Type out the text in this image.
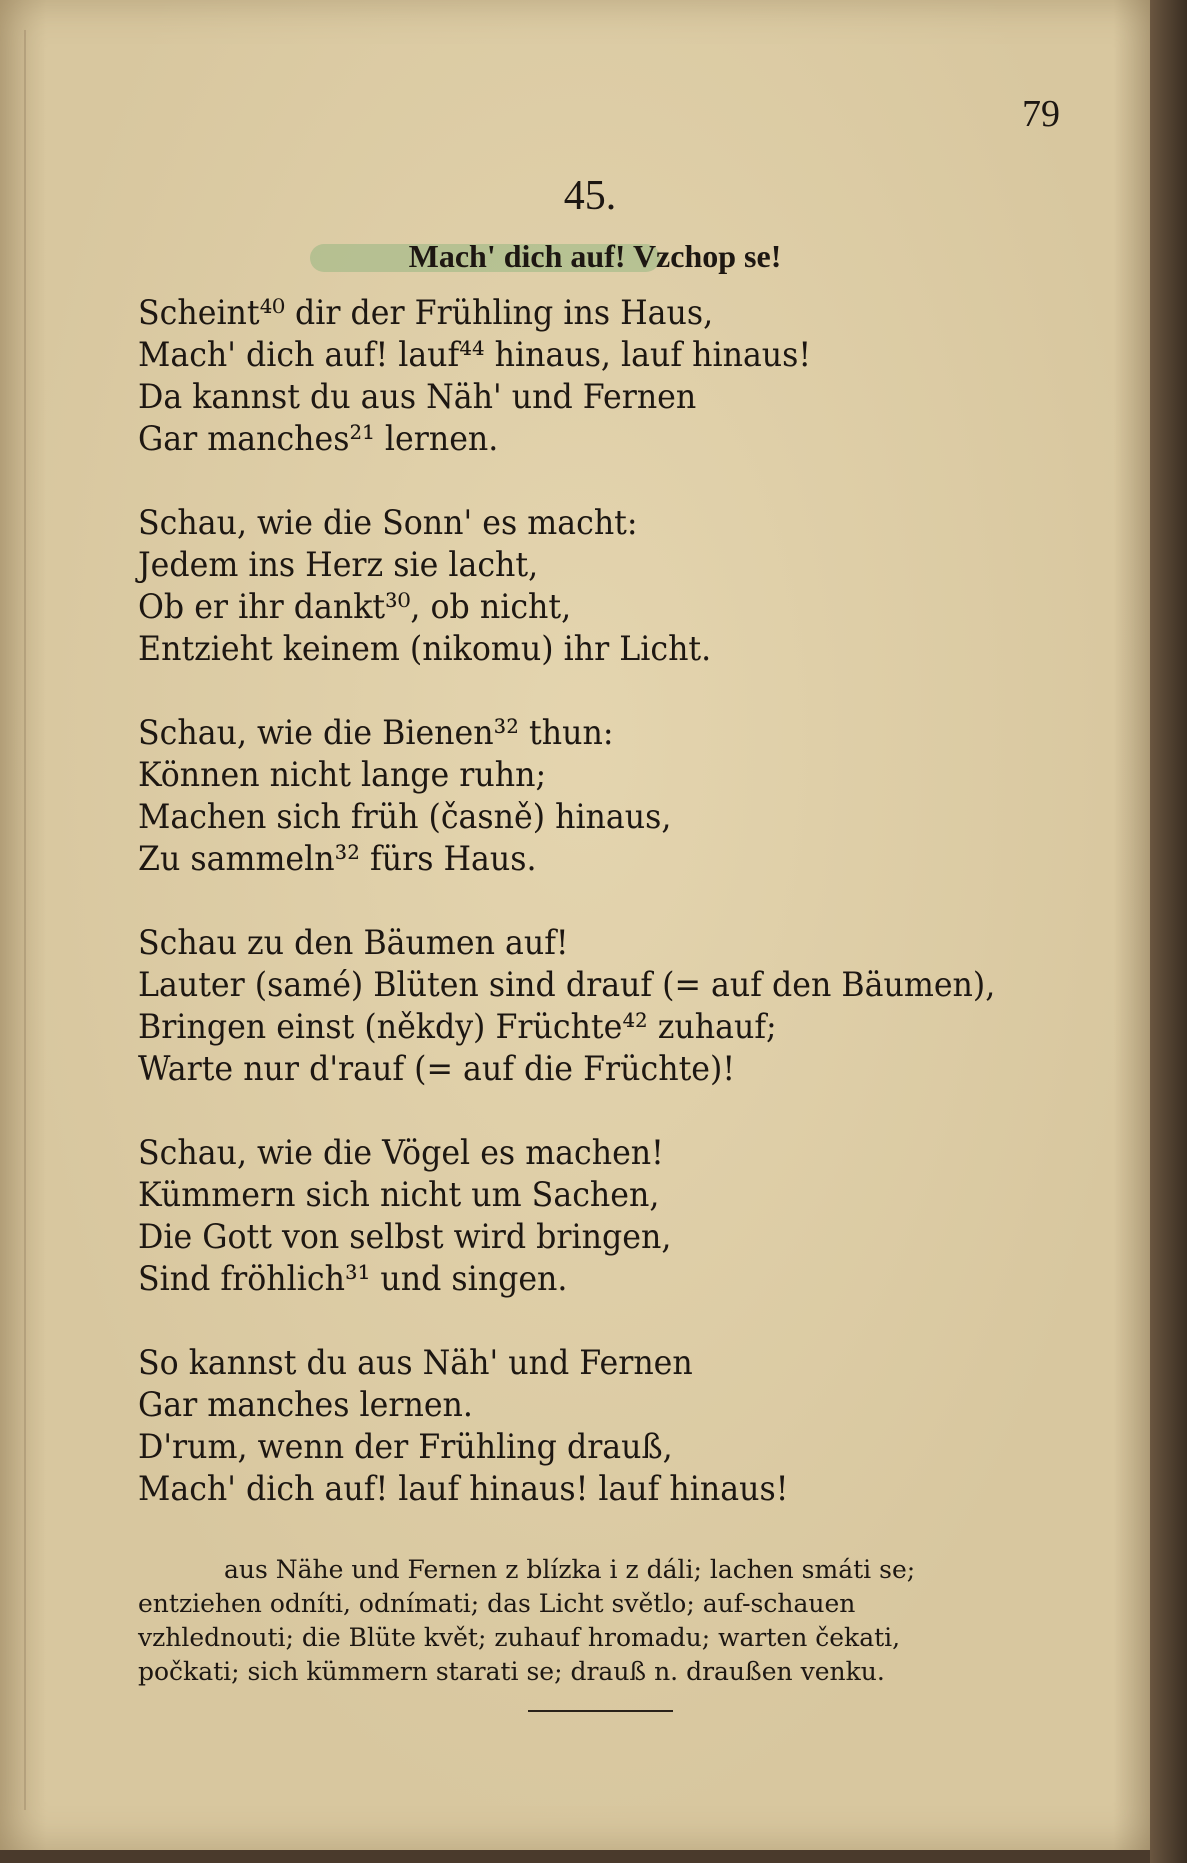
79
45.
Mach' dich auf! Vzchop se!
Scheint⁴⁰ dir der Frühling ins Haus,
Mach' dich auf! lauf⁴⁴ hinaus, lauf hinaus!
Da kannst du aus Näh' und Fernen
Gar manches²¹ lernen.
Schau, wie die Sonn' es macht:
Jedem ins Herz sie lacht,
Ob er ihr dankt³⁰, ob nicht,
Entzieht keinem (nikomu) ihr Licht.
Schau, wie die Bienen³² thun:
Können nicht lange ruhn;
Machen sich früh (časně) hinaus,
Zu sammeln³² fürs Haus.
Schau zu den Bäumen auf!
Lauter (samé) Blüten sind drauf (= auf den Bäumen),
Bringen einst (někdy) Früchte⁴² zuhauf;
Warte nur d'rauf (= auf die Früchte)!
Schau, wie die Vögel es machen!
Kümmern sich nicht um Sachen,
Die Gott von selbst wird bringen,
Sind fröhlich³¹ und singen.
So kannst du aus Näh' und Fernen
Gar manches lernen.
D'rum, wenn der Frühling drauß,
Mach' dich auf! lauf hinaus! lauf hinaus!
aus Nähe und Fernen z blízka i z dáli; lachen smáti se;
entziehen odníti, odnímati; das Licht světlo; auf-schauen
vzhlednouti; die Blüte květ; zuhauf hromadu; warten čekati,
počkati; sich kümmern starati se; drauß n. draußen venku.
